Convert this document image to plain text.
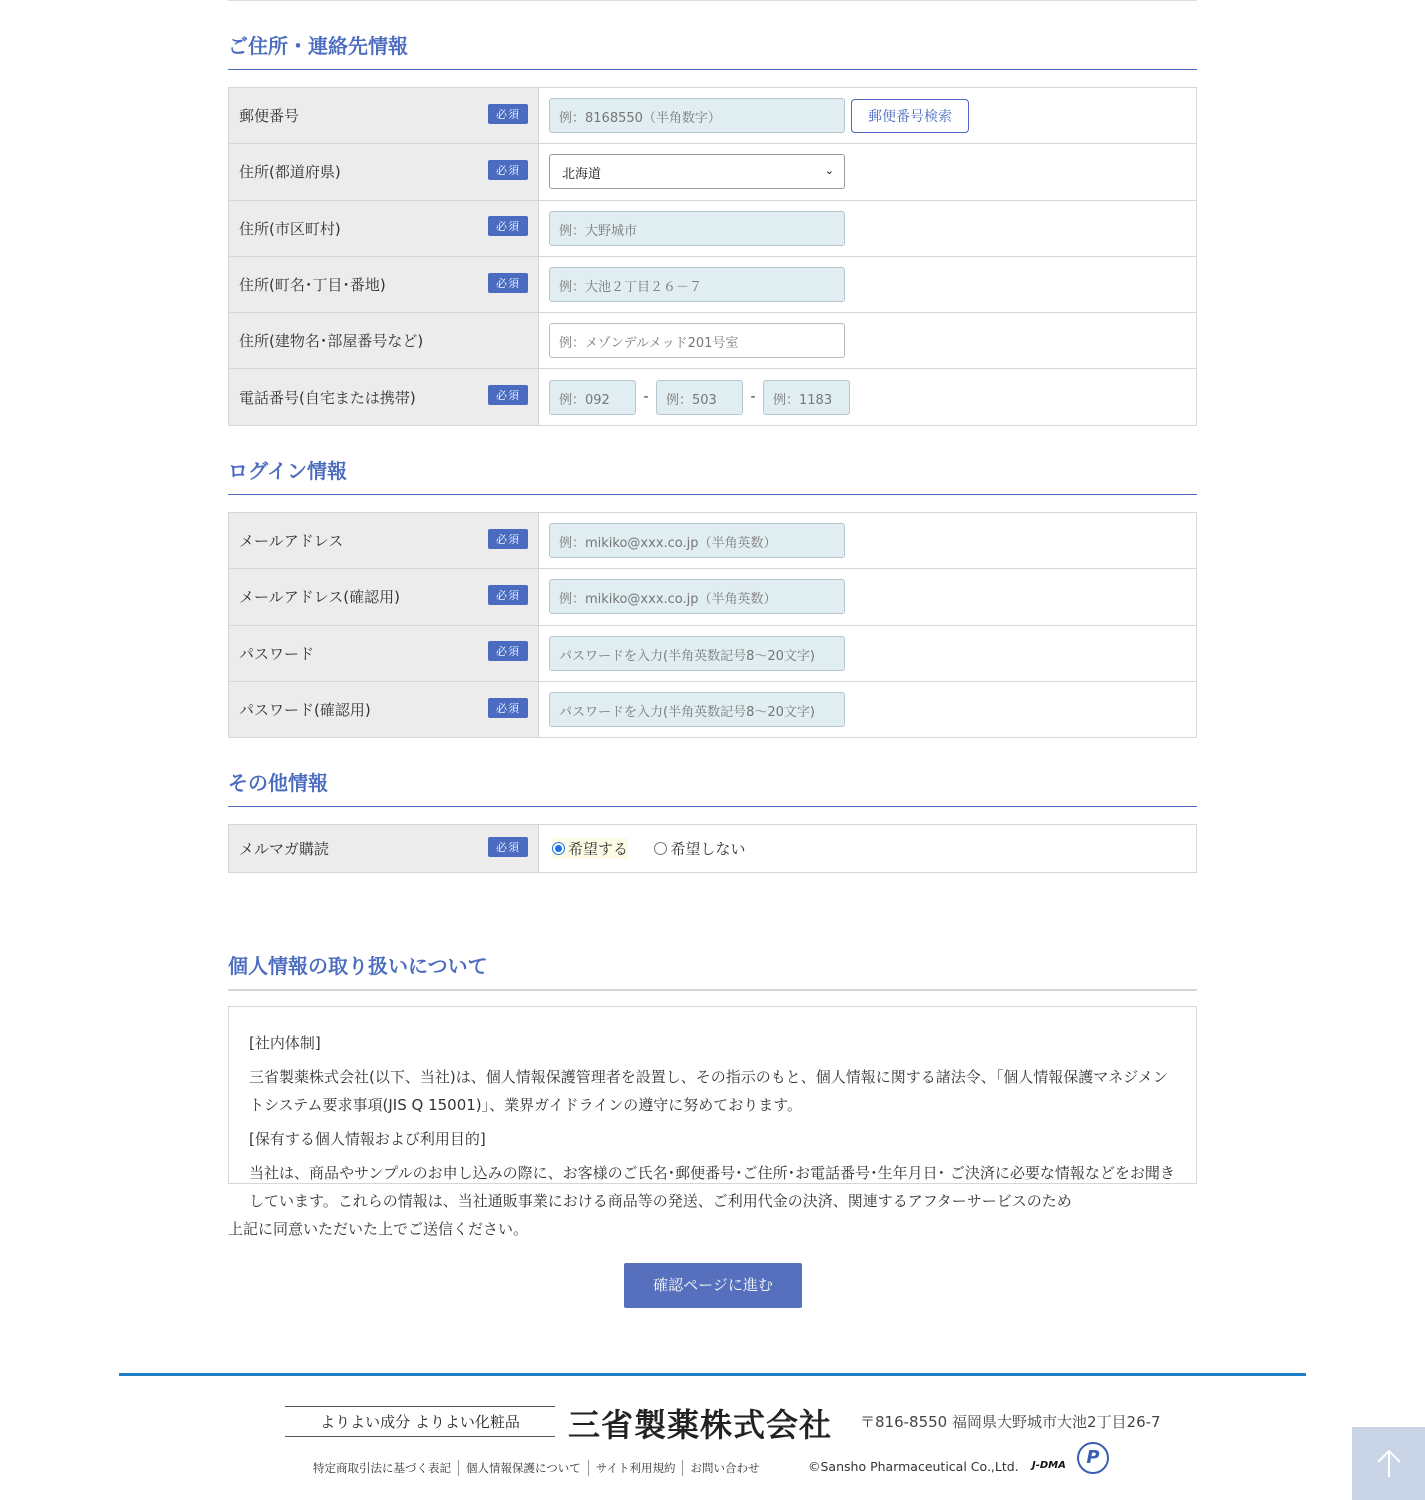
ご住所・連絡先情報
郵便番号 必須	例：8168550（半角数字） 郵便番号検索
住所(都道府県) 必須	北海道 ⌄

住所(市区町村) 必須	例：大野城市
住所(町名･丁目･番地) 必須	例：大池２丁目２６－７
住所(建物名･部屋番号など)	例：メゾンデルメッド201号室
電話番号(自宅または携帯) 必須	例：092 - 例：503 - 例：1183
ログイン情報
メールアドレス 必須	例：mikiko@xxx.co.jp（半角英数）
メールアドレス(確認用) 必須	例：mikiko@xxx.co.jp（半角英数）
パスワード 必須	パスワードを入力(半角英数記号8～20文字)
パスワード(確認用) 必須	パスワードを入力(半角英数記号8～20文字)
その他情報
メルマガ購読	必須	希望する
	希望しない
個人情報の取り扱いについて

[社内体制]

三省製薬株式会社(以下、当社)は、個人情報保護管理者を設置し、その指示のもと、個人情報に関する諸法令、「個人情報保護マネジメントシステム要求事項(JIS Q 15001)」、業界ガイドラインの遵守に努めております。

[保有する個人情報および利用目的]

当社は、商品やサンプルのお申し込みの際に、お客様のご氏名･郵便番号･ご住所･お電話番号･生年月日･ ご決済に必要な情報などをお聞きしています。これらの情報は、当社通販事業における商品等の発送、ご利用代金の決済、関連するアフターサービスのため

上記に同意いただいた上でご送信ください。
確認ページに進む
よりよい成分 よりよい化粧品	三省製薬株式会社 〒816-8550 福岡県大野城市大池2丁目26-7
特定商取引法に基づく表記	個人情報保護について	サイト利用規約	お問い合わせ	©Sansho Pharmaceutical Co.,Ltd. J-DMA	P
